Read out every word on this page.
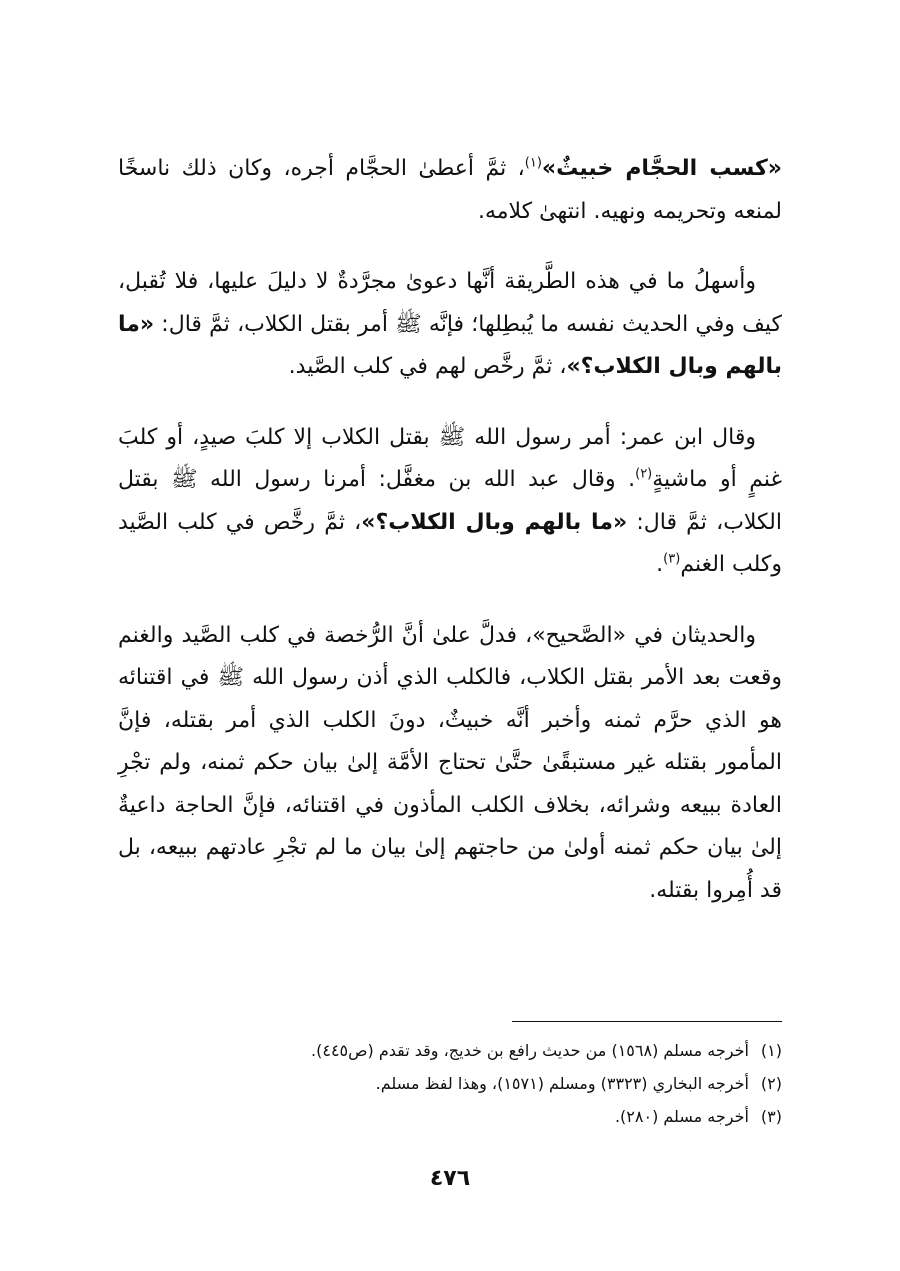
«كسب الحجَّام خبيثٌ»$^{(١)}$، ثمَّ أعطىٰ الحجَّام أجره، وكان ذلك ناسخًا لمنعه وتحريمه ونهيه. انتهىٰ كلامه.

وأسهلُ ما في هذه الطَّريقة أنَّها دعوىٰ مجرَّدةٌ لا دليلَ عليها، فلا تُقبل، كيف وفي الحديث نفسه ما يُبطِلها؛ فإنَّه ﷺ أمر بقتل الكلاب، ثمَّ قال: «ما بالهم وبال الكلاب؟»، ثمَّ رخَّص لهم في كلب الصَّيد.

وقال ابن عمر: أمر رسول الله ﷺ بقتل الكلاب إلا كلبَ صيدٍ، أو كلبَ غنمٍ أو ماشيةٍ$^{(٢)}$. وقال عبد الله بن مغفَّل: أمرنا رسول الله ﷺ بقتل الكلاب، ثمَّ قال: «ما بالهم وبال الكلاب؟»، ثمَّ رخَّص في كلب الصَّيد وكلب الغنم$^{(٣)}$.

والحديثان في «الصَّحيح»، فدلَّ علىٰ أنَّ الرُّخصة في كلب الصَّيد والغنم وقعت بعد الأمر بقتل الكلاب، فالكلب الذي أذن رسول الله ﷺ في اقتنائه هو الذي حرَّم ثمنه وأخبر أنَّه خبيثٌ، دونَ الكلب الذي أمر بقتله، فإنَّ المأمور بقتله غير مستبقًىٰ حتَّىٰ تحتاج الأمَّة إلىٰ بيان حكم ثمنه، ولم تجْرِ العادة ببيعه وشرائه، بخلاف الكلب المأذون في اقتنائه، فإنَّ الحاجة داعيةٌ إلىٰ بيان حكم ثمنه أولىٰ من حاجتهم إلىٰ بيان ما لم تجْرِ عادتهم ببيعه، بل قد أُمِروا بقتله.

(١)
أخرجه مسلم (١٥٦٨) من حديث رافع بن خديج، وقد تقدم (ص٤٤٥).
(٢)
أخرجه البخاري (٣٣٢٣) ومسلم (١٥٧١)، وهذا لفظ مسلم.
(٣)
أخرجه مسلم (٢٨٠).
٤٧٦
